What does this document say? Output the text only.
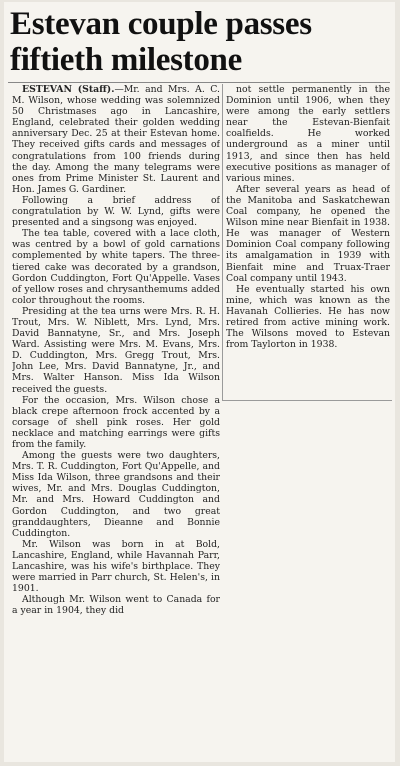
Estevan couple passes fiftieth milestone

ESTEVAN (Staff).—Mr. and Mrs. A. C. M. Wilson, whose wedding was solemnized 50 Christmases ago in Lancashire, England, celebrated their golden wedding anniversary Dec. 25 at their Estevan home. They received gifts cards and messages of congratulations from 100 friends during the day. Among the many telegrams were ones from Prime Minister St. Laurent and Hon. James G. Gardiner.

Following a brief address of congratulation by W. W. Lynd, gifts were presented and a singsong was enjoyed.

The tea table, covered with a lace cloth, was centred by a bowl of gold carnations complemented by white tapers. The three-tiered cake was decorated by a grandson, Gordon Cuddington, Fort Qu'Appelle. Vases of yellow roses and chrysanthemums added color throughout the rooms.

Presiding at the tea urns were Mrs. R. H. Trout, Mrs. W. Niblett, Mrs. Lynd, Mrs. David Bannatyne, Sr., and Mrs. Joseph Ward. Assisting were Mrs. M. Evans, Mrs. D. Cuddington, Mrs. Gregg Trout, Mrs. John Lee, Mrs. David Bannatyne, Jr., and Mrs. Walter Hanson. Miss Ida Wilson received the guests.

For the occasion, Mrs. Wilson chose a black crepe afternoon frock accented by a corsage of shell pink roses. Her gold necklace and matching earrings were gifts from the family.

Among the guests were two daughters, Mrs. T. R. Cuddington, Fort Qu'Appelle, and Miss Ida Wilson, three grandsons and their wives, Mr. and Mrs. Douglas Cuddington, Mr. and Mrs. Howard Cuddington and Gordon Cuddington, and two great granddaughters, Dieanne and Bonnie Cuddington.

Mr. Wilson was born in at Bold, Lancashire, England, while Havannah Parr, Lancashire, was his wife's birthplace. They were married in Parr church, St. Helen's, in 1901.

Although Mr. Wilson went to Canada for a year in 1904, they did

not settle permanently in the Dominion until 1906, when they were among the early settlers near the Estevan-Bienfait coalfields. He worked underground as a miner until 1913, and since then has held executive positions as manager of various mines.

After several years as head of the Manitoba and Saskatchewan Coal company, he opened the Wilson mine near Bienfait in 1938. He was manager of Western Dominion Coal company following its amalgamation in 1939 with Bienfait mine and Truax-Traer Coal company until 1943.

He eventually started his own mine, which was known as the Havanah Collieries. He has now retired from active mining work. The Wilsons moved to Estevan from Taylorton in 1938.
